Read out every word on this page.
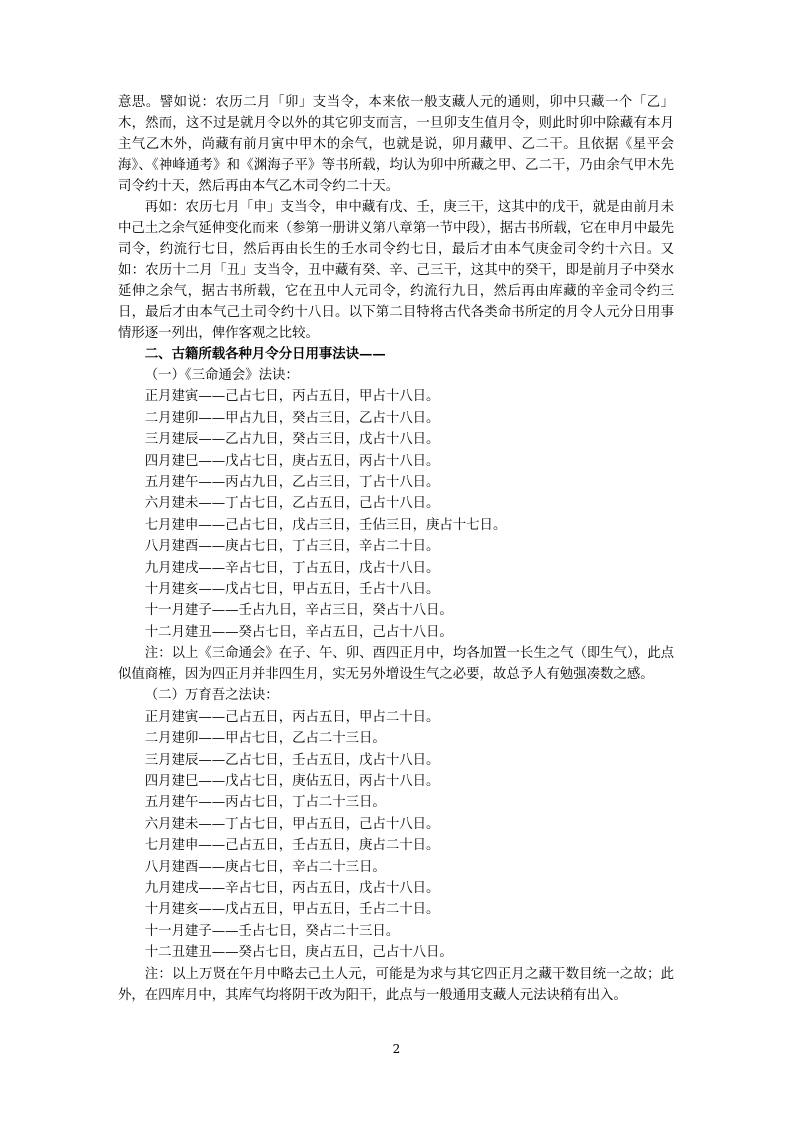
意思。譬如说：农历二月「卯」支当令，本来依一般支藏人元的通则，卯中只藏一个「乙」木，然而，这不过是就月令以外的其它卯支而言，一旦卯支生值月令，则此时卯中除藏有本月主气乙木外，尚藏有前月寅中甲木的余气，也就是说，卯月藏甲、乙二干。且依据《星平会海》、《神峰通考》和《渊海子平》等书所载，均认为卯中所藏之甲、乙二干，乃由余气甲木先司令约十天，然后再由本气乙木司令约二十天。

再如：农历七月「申」支当令，申中藏有戊、壬，庚三干，这其中的戊干，就是由前月未中己土之余气延伸变化而来（参第一册讲义第八章第一节中段），据古书所载，它在申月中最先司令，约流行七日，然后再由长生的壬水司令约七日，最后才由本气庚金司令约十六日。又如：农历十二月「丑」支当令，丑中藏有癸、辛、己三干，这其中的癸干，即是前月子中癸水延伸之余气，据古书所载，它在丑中人元司令，约流行九日，然后再由库藏的辛金司令约三日，最后才由本气己土司令约十八日。以下第二目特将古代各类命书所定的月令人元分日用事情形逐一列出，俾作客观之比较。

二、古籍所载各种月令分日用事法诀——

（一）《三命通会》法诀：

正月建寅——己占七日，丙占五日，甲占十八日。

二月建卯——甲占九日，癸占三日，乙占十八日。

三月建辰——乙占九日，癸占三日，戊占十八日。

四月建巳——戊占七日，庚占五日，丙占十八日。

五月建午——丙占九日，乙占三日，丁占十八日。

六月建未——丁占七日，乙占五日，己占十八日。

七月建申——己占七日，戊占三日，壬佔三日，庚占十七日。

八月建酉——庚占七日，丁占三日，辛占二十日。

九月建戌——辛占七日，丁占五日，戊占十八日。

十月建亥——戊占七日，甲占五日，壬占十八日。

十一月建子——壬占九日，辛占三日，癸占十八日。

十二月建丑——癸占七日，辛占五日，己占十八日。

注：以上《三命通会》在子、午、卯、酉四正月中，均各加置一长生之气（即生气），此点似值商榷，因为四正月并非四生月，实无另外增设生气之必要，故总予人有勉强凑数之感。

（二）万育吾之法诀：

正月建寅——己占五日，丙占五日，甲占二十日。

二月建卯——甲占七日，乙占二十三日。

三月建辰——乙占七日，壬占五日，戊占十八日。

四月建巳——戊占七日，庚佔五日，丙占十八日。

五月建午——丙占七日，丁占二十三日。

六月建未——丁占七日，甲占五日，己占十八日。

七月建申——己占五日，壬占五日，庚占二十日。

八月建酉——庚占七日，辛占二十三日。

九月建戌——辛占七日，丙占五日，戊占十八日。

十月建亥——戊占五日，甲占五日，壬占二十日。

十一月建子——壬占七日，癸占二十三日。

十二丑建丑——癸占七日，庚占五日，己占十八日。

注：以上万贤在午月中略去己土人元，可能是为求与其它四正月之藏干数目统一之故；此外，在四库月中，其库气均将阴干改为阳干，此点与一般通用支藏人元法诀稍有出入。

2
